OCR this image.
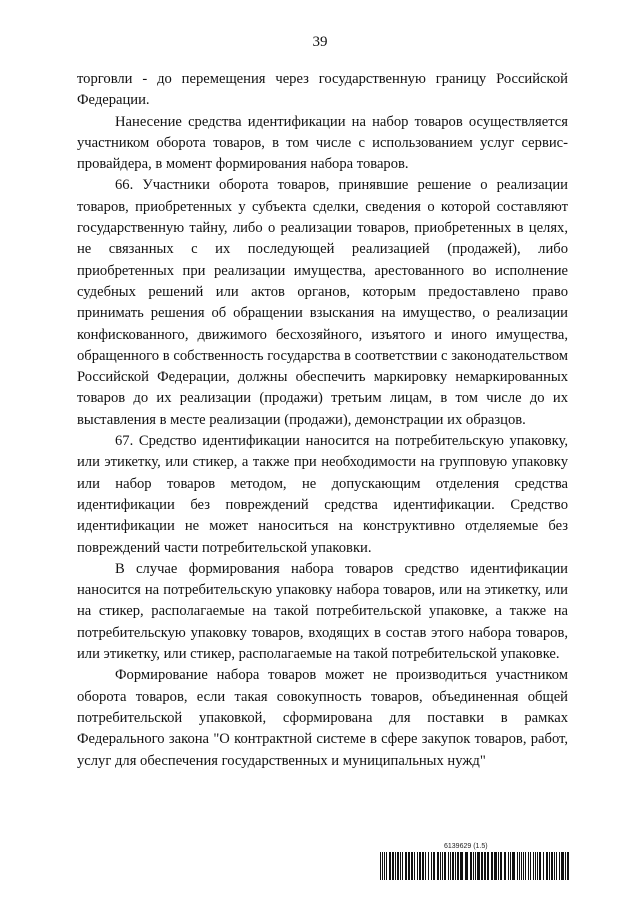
39

торговли - до перемещения через государственную границу Российской Федерации.

Нанесение средства идентификации на набор товаров осуществляется участником оборота товаров, в том числе с использованием услуг сервис-провайдера, в момент формирования набора товаров.

66. Участники оборота товаров, принявшие решение о реализации товаров, приобретенных у субъекта сделки, сведения о которой составляют государственную тайну, либо о реализации товаров, приобретенных в целях, не связанных с их последующей реализацией (продажей), либо приобретенных при реализации имущества, арестованного во исполнение судебных решений или актов органов, которым предоставлено право принимать решения об обращении взыскания на имущество, о реализации конфискованного, движимого бесхозяйного, изъятого и иного имущества, обращенного в собственность государства в соответствии с законодательством Российской Федерации, должны обеспечить маркировку немаркированных товаров до их реализации (продажи) третьим лицам, в том числе до их выставления в месте реализации (продажи), демонстрации их образцов.

67. Средство идентификации наносится на потребительскую упаковку, или этикетку, или стикер, а также при необходимости на групповую упаковку или набор товаров методом, не допускающим отделения средства идентификации без повреждений средства идентификации. Средство идентификации не может наноситься на конструктивно отделяемые без повреждений части потребительской упаковки.

В случае формирования набора товаров средство идентификации наносится на потребительскую упаковку набора товаров, или на этикетку, или на стикер, располагаемые на такой потребительской упаковке, а также на потребительскую упаковку товаров, входящих в состав этого набора товаров, или этикетку, или стикер, располагаемые на такой потребительской упаковке.

Формирование набора товаров может не производиться участником оборота товаров, если такая совокупность товаров, объединенная общей потребительской упаковкой, сформирована для поставки в рамках Федерального закона "О контрактной системе в сфере закупок товаров, работ, услуг для обеспечения государственных и муниципальных нужд"

6139629 (1.5)
